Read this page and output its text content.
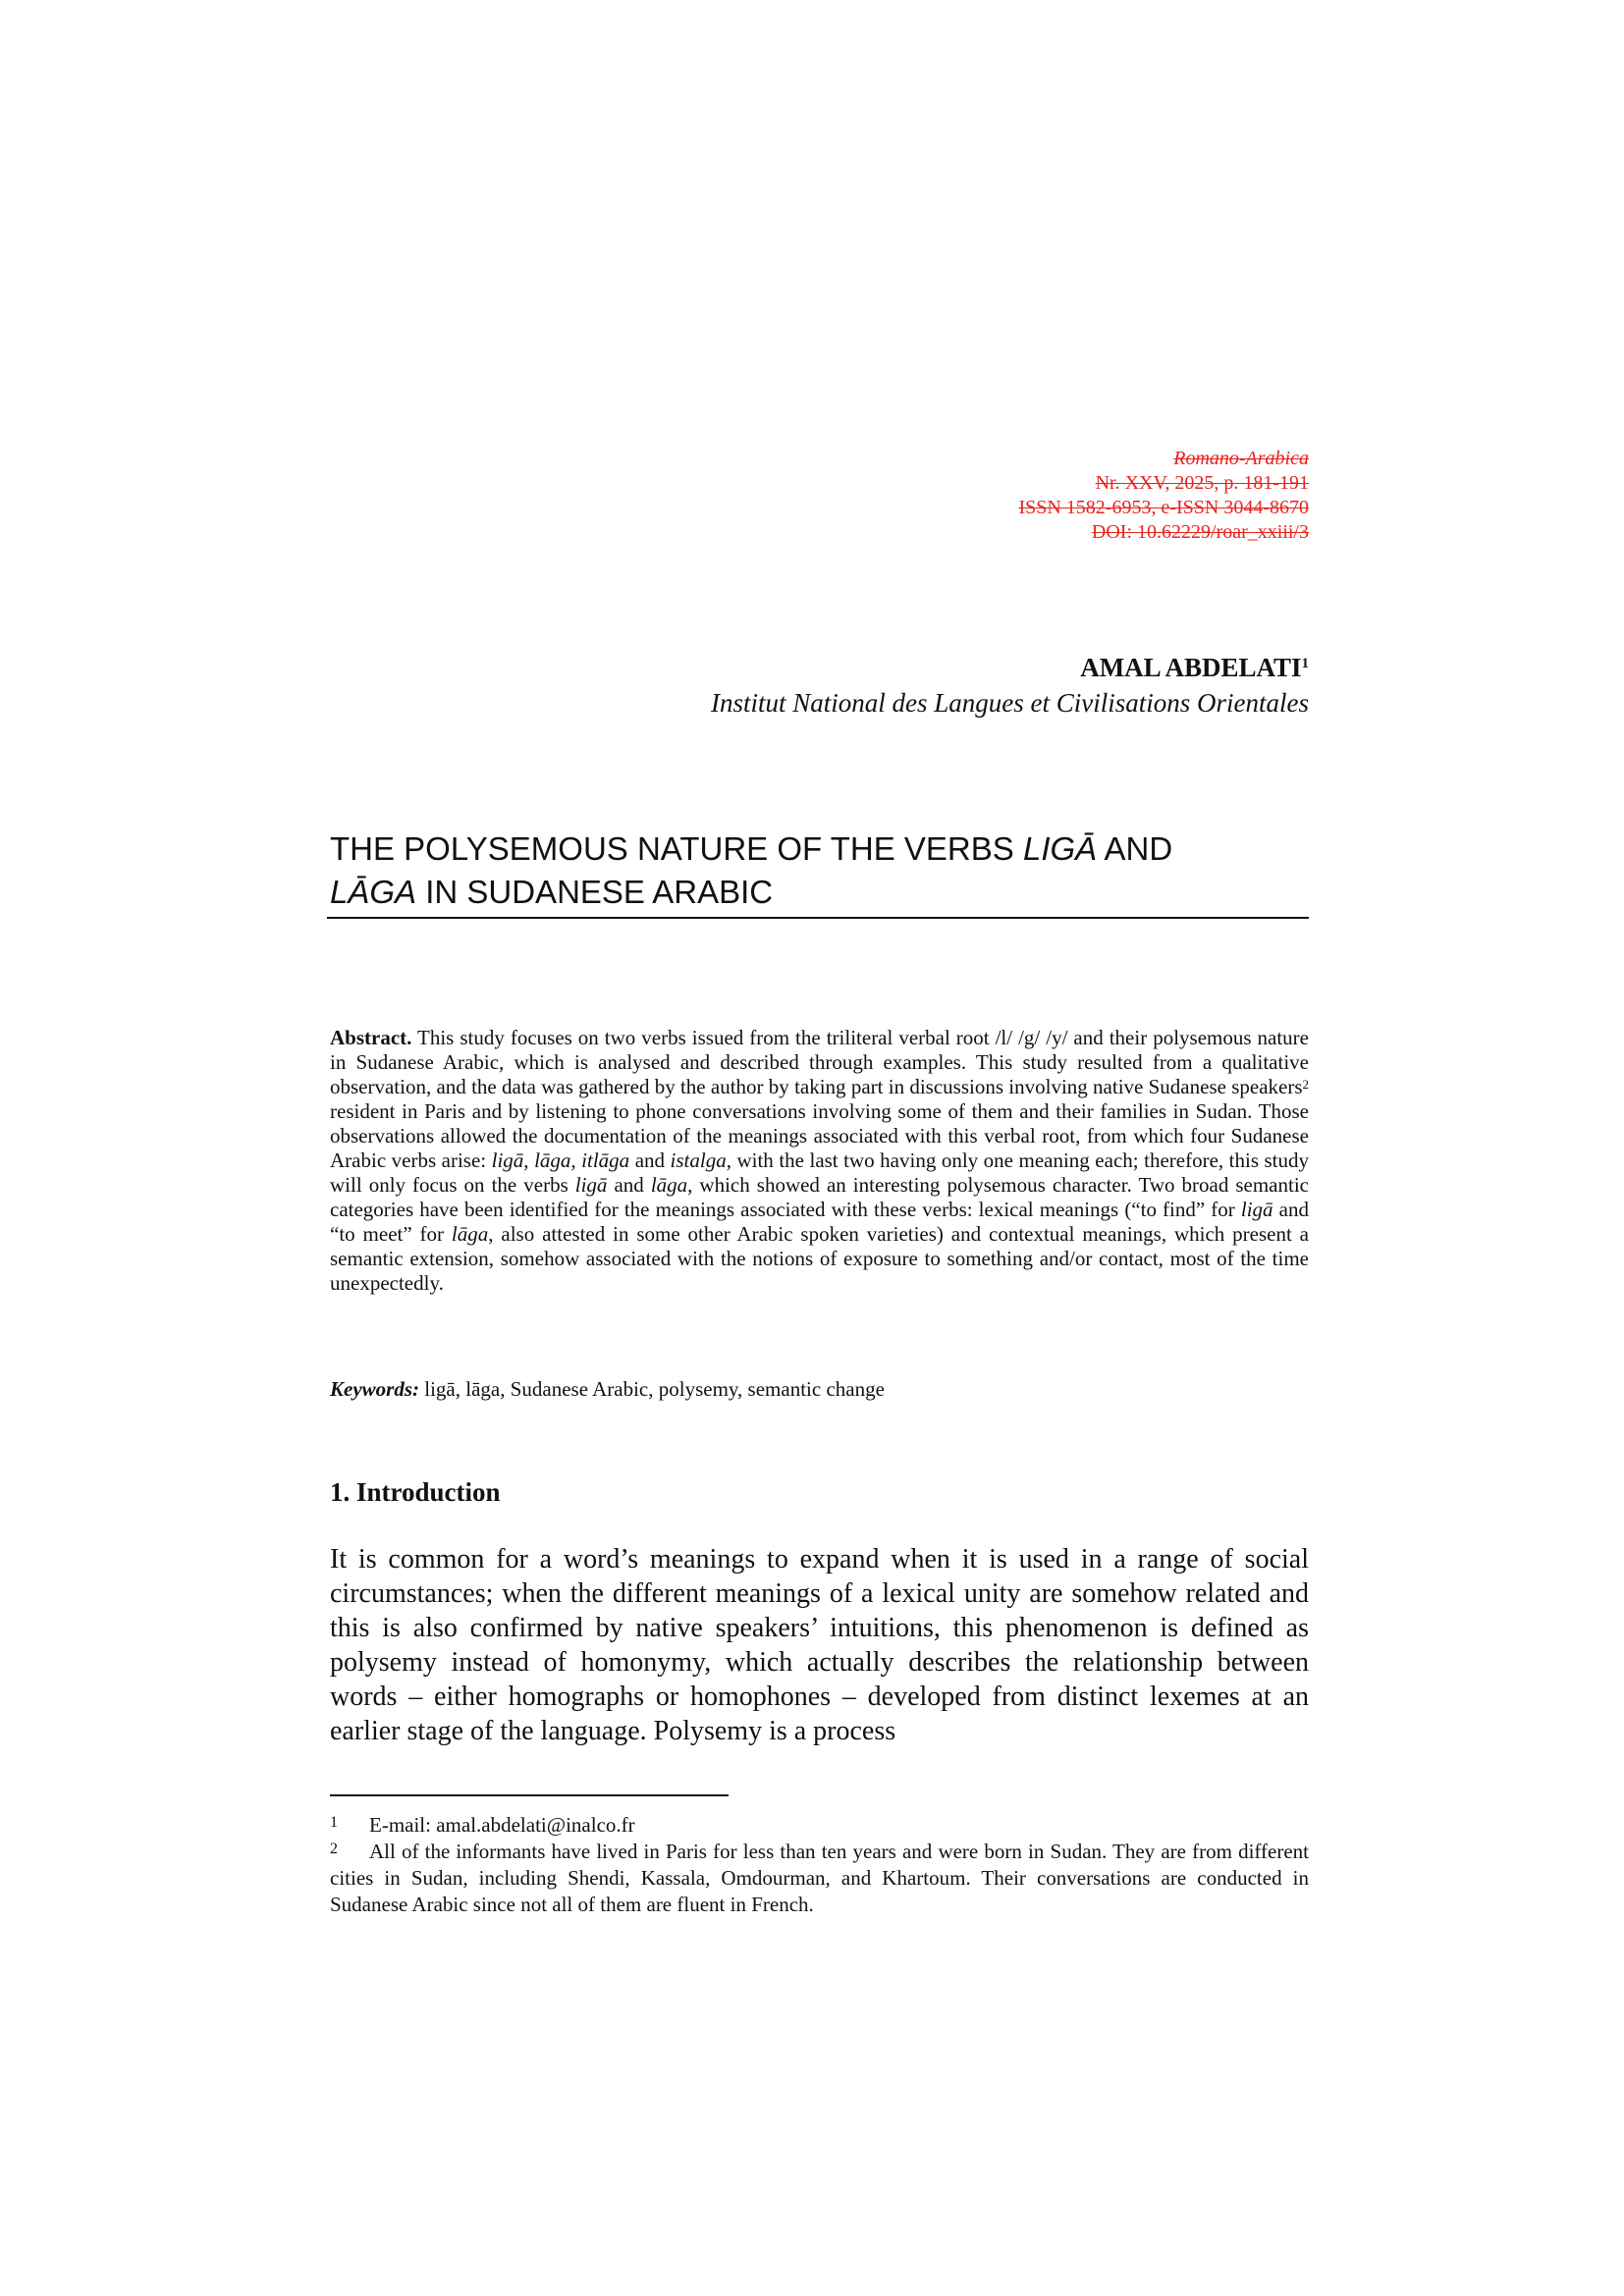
Romano-Arabica
Nr. XXV, 2025, p. 181-191
ISSN 1582-6953, e-ISSN 3044-8670
DOI: 10.62229/roar_xxiii/3
AMAL ABDELATI$^1$
Institut National des Langues et Civilisations Orientales
THE POLYSEMOUS NATURE OF THE VERBS LIGĀ AND
LĀGA IN SUDANESE ARABIC
Abstract. This study focuses on two verbs issued from the triliteral verbal root /l/ /g/ /y/ and their polysemous nature in Sudanese Arabic, which is analysed and described through examples. This study resulted from a qualitative observation, and the data was gathered by the author by taking part in discussions involving native Sudanese speakers$^2$ resident in Paris and by listening to phone conversations involving some of them and their families in Sudan. Those observations allowed the documentation of the meanings associated with this verbal root, from which four Sudanese Arabic verbs arise: ligā, lāga, itlāga and istalga, with the last two having only one meaning each; therefore, this study will only focus on the verbs ligā and lāga, which showed an interesting polysemous character. Two broad semantic categories have been identified for the meanings associated with these verbs: lexical meanings (“to find” for ligā and “to meet” for lāga, also attested in some other Arabic spoken varieties) and contextual meanings, which present a semantic extension, somehow associated with the notions of exposure to something and/or contact, most of the time unexpectedly.
Keywords: ligā, lāga, Sudanese Arabic, polysemy, semantic change
1. Introduction
It is common for a word’s meanings to expand when it is used in a range of social circumstances; when the different meanings of a lexical unity are somehow related and this is also confirmed by native speakers’ intuitions, this phenomenon is defined as polysemy instead of homonymy, which actually describes the relationship between words – either homographs or homophones – developed from distinct lexemes at an earlier stage of the language. Polysemy is a process
1 E-mail: amal.abdelati@inalco.fr
2	All of the informants have lived in Paris for less than ten years and were born in Sudan. They are from different cities in Sudan, including Shendi, Kassala, Omdourman, and Khartoum. Their conversations are conducted in Sudanese Arabic since not all of them are fluent in French.
